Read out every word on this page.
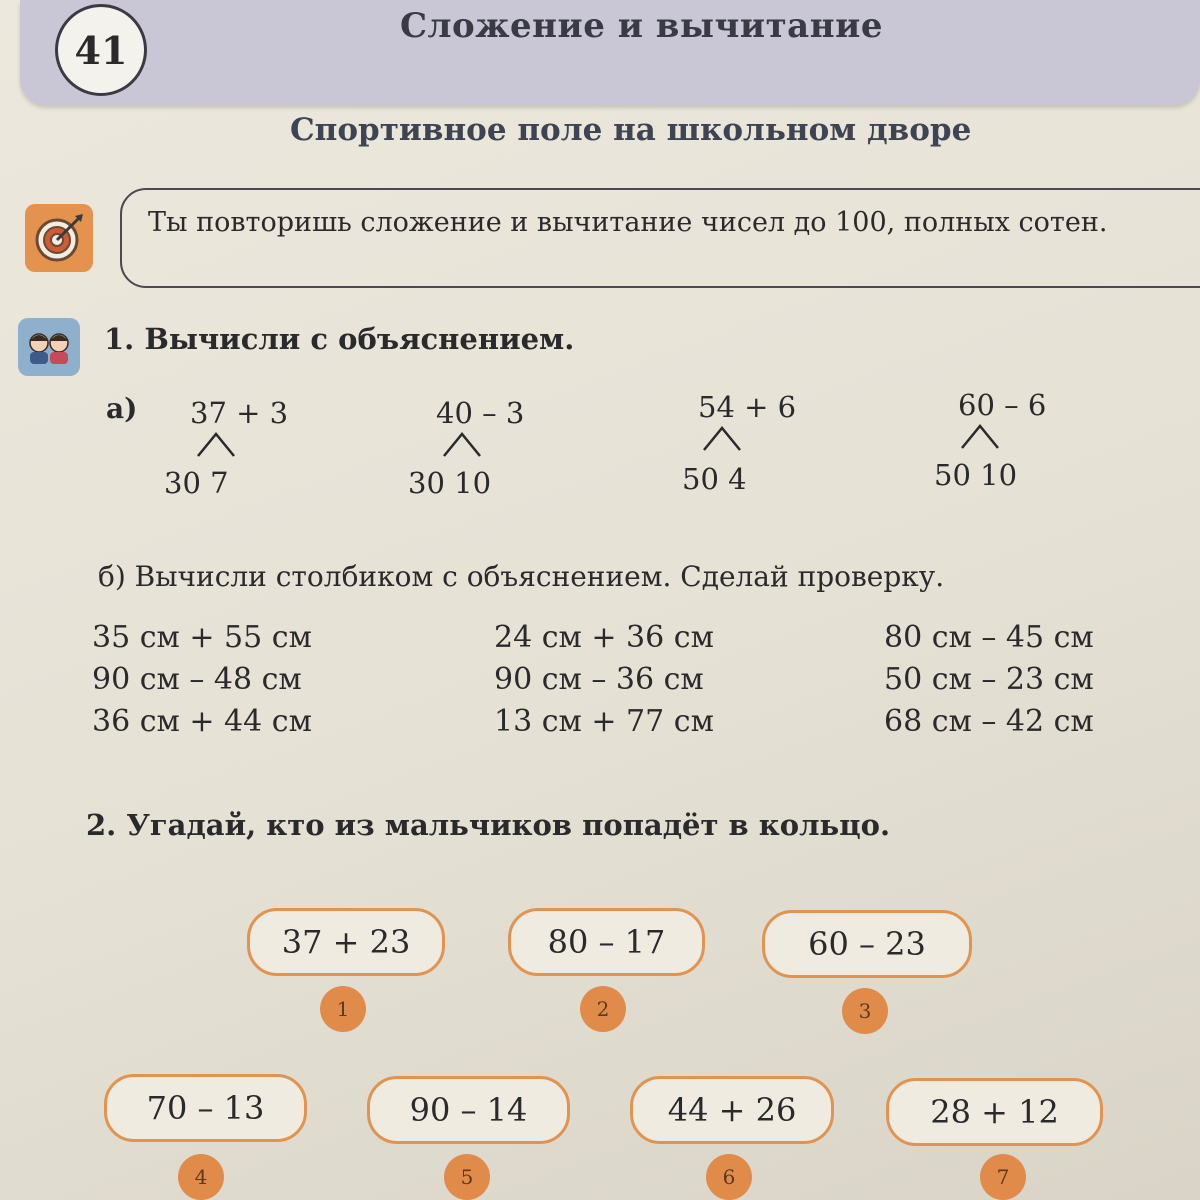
41
Сложение и вычитание
Спортивное поле на школьном дворе
Ты повторишь сложение и вычитание чисел до 100, полных сотен.
1. Вычисли с объяснением.
а) 37 + 3
30 7
40 – 3
30 10
54 + 6
50 4
60 – 6
50 10
б) Вычисли столбиком с объяснением. Сделай проверку.
35 см + 55 см
90 см – 48 см
36 см + 44 см
24 см + 36 см
90 см – 36 см
13 см + 77 см
80 см – 45 см
50 см – 23 см
68 см – 42 см
2. Угадай, кто из мальчиков попадёт в кольцо.
37 + 23
1
80 – 17
2
60 – 23
3
70 – 13
4
90 – 14
5
44 + 26
6
28 + 12
7
